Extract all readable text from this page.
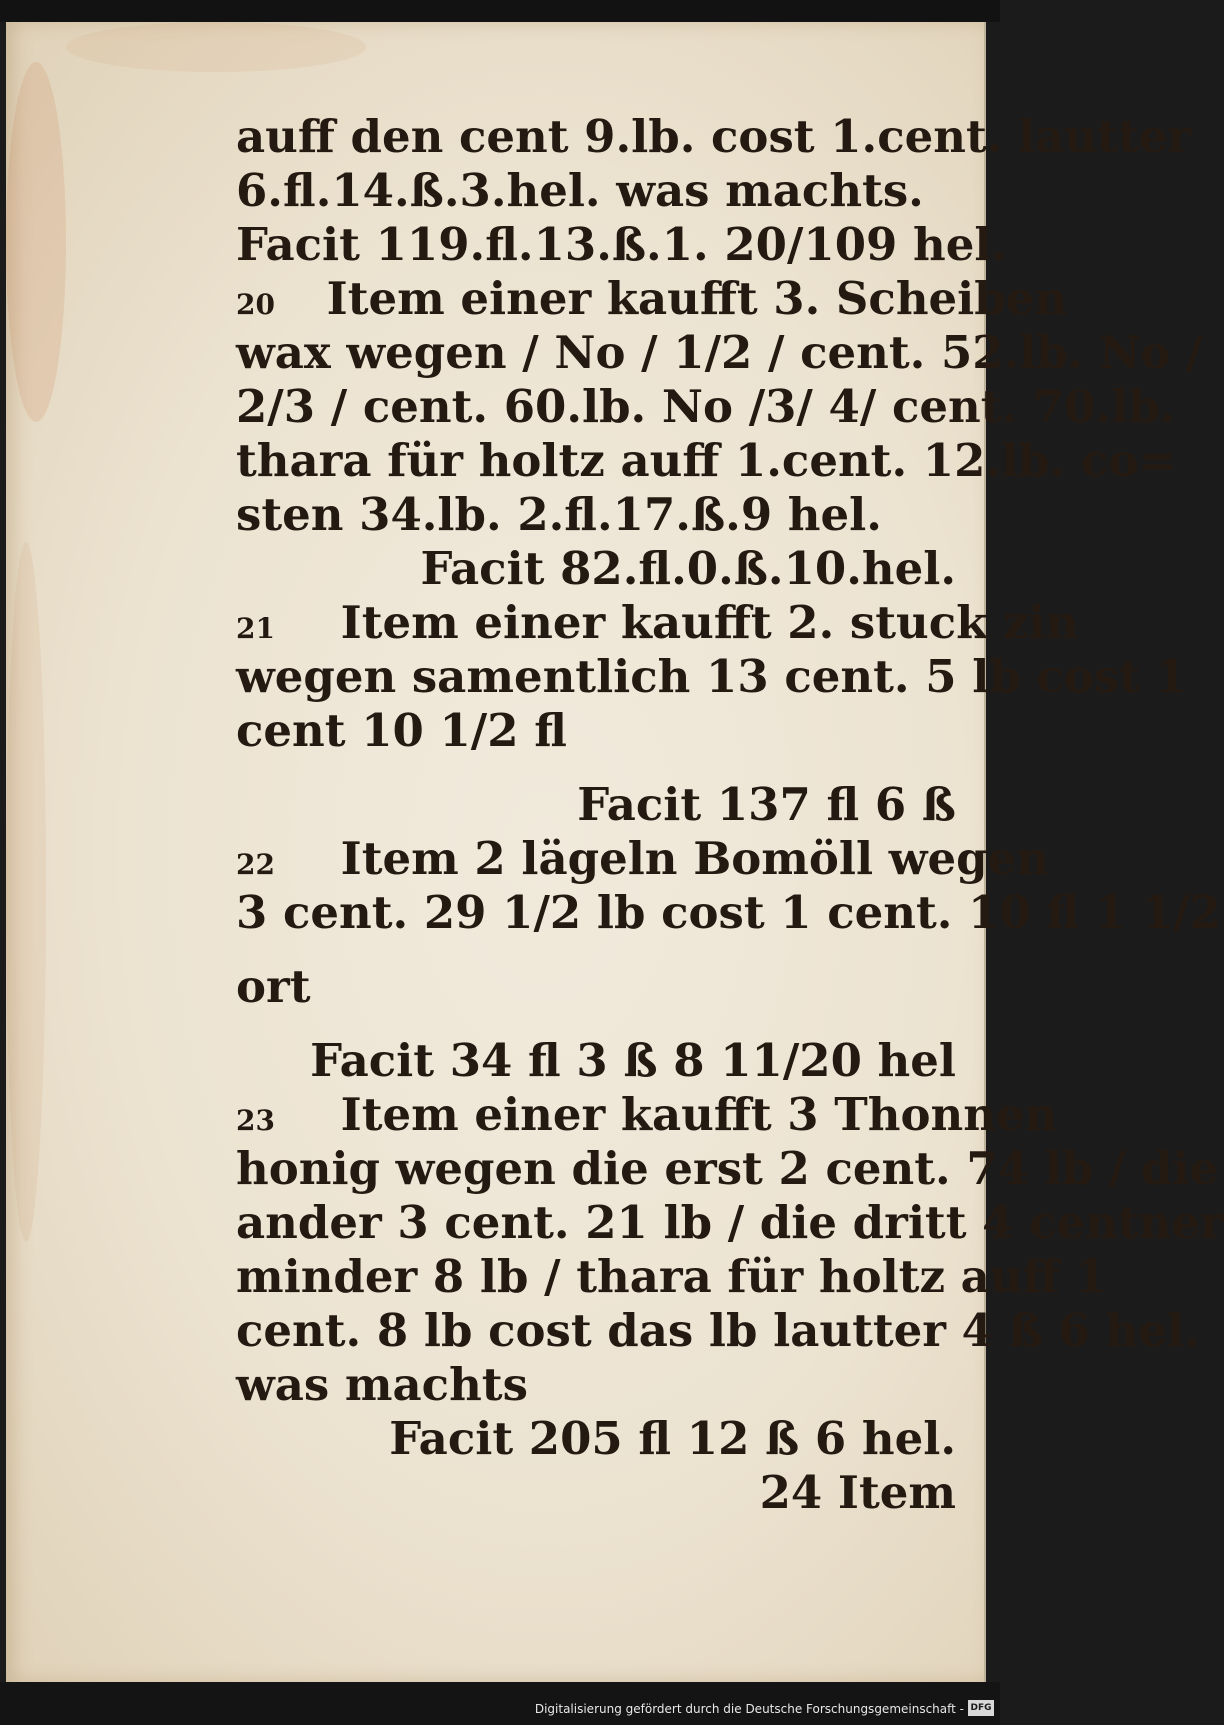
auff den cent 9.lb. cost 1.cent. lautter
6.fl.14.ß.3.hel. was machts.
Facit 119.fl.13.ß.1. 20/109 hel.
20 Item einer kaufft 3. Scheiben
wax wegen / No / 1/2 / cent. 52.lb. No /
2/3 / cent. 60.lb. No /3/ 4/ cent. 70.lb.
thara für holtz auff 1.cent. 12.lb. co=
sten 34.lb. 2.fl.17.ß.9 hel.
Facit 82.fl.0.ß.10.hel.
21 Item einer kaufft 2. stuck zin
wegen samentlich 13 cent. 5 lb cost 1
cent 10 1/2 fl
Facit 137 fl 6 ß
22 Item 2 lägeln Bomöll wegen
3 cent. 29 1/2 lb cost 1 cent. 10 fl 1 1/2
ort
Facit 34 fl 3 ß 8 11/20 hel
23 Item einer kaufft 3 Thonnen
honig wegen die erst 2 cent. 74 lb / die
ander 3 cent. 21 lb / die dritt 4 centner
minder 8 lb / thara für holtz auff 1
cent. 8 lb cost das lb lautter 4 ß 6 hel.
was machts
Facit 205 fl 12 ß 6 hel.
24 Item
Digitalisierung gefördert durch die Deutsche Forschungsgemeinschaft - DFG
